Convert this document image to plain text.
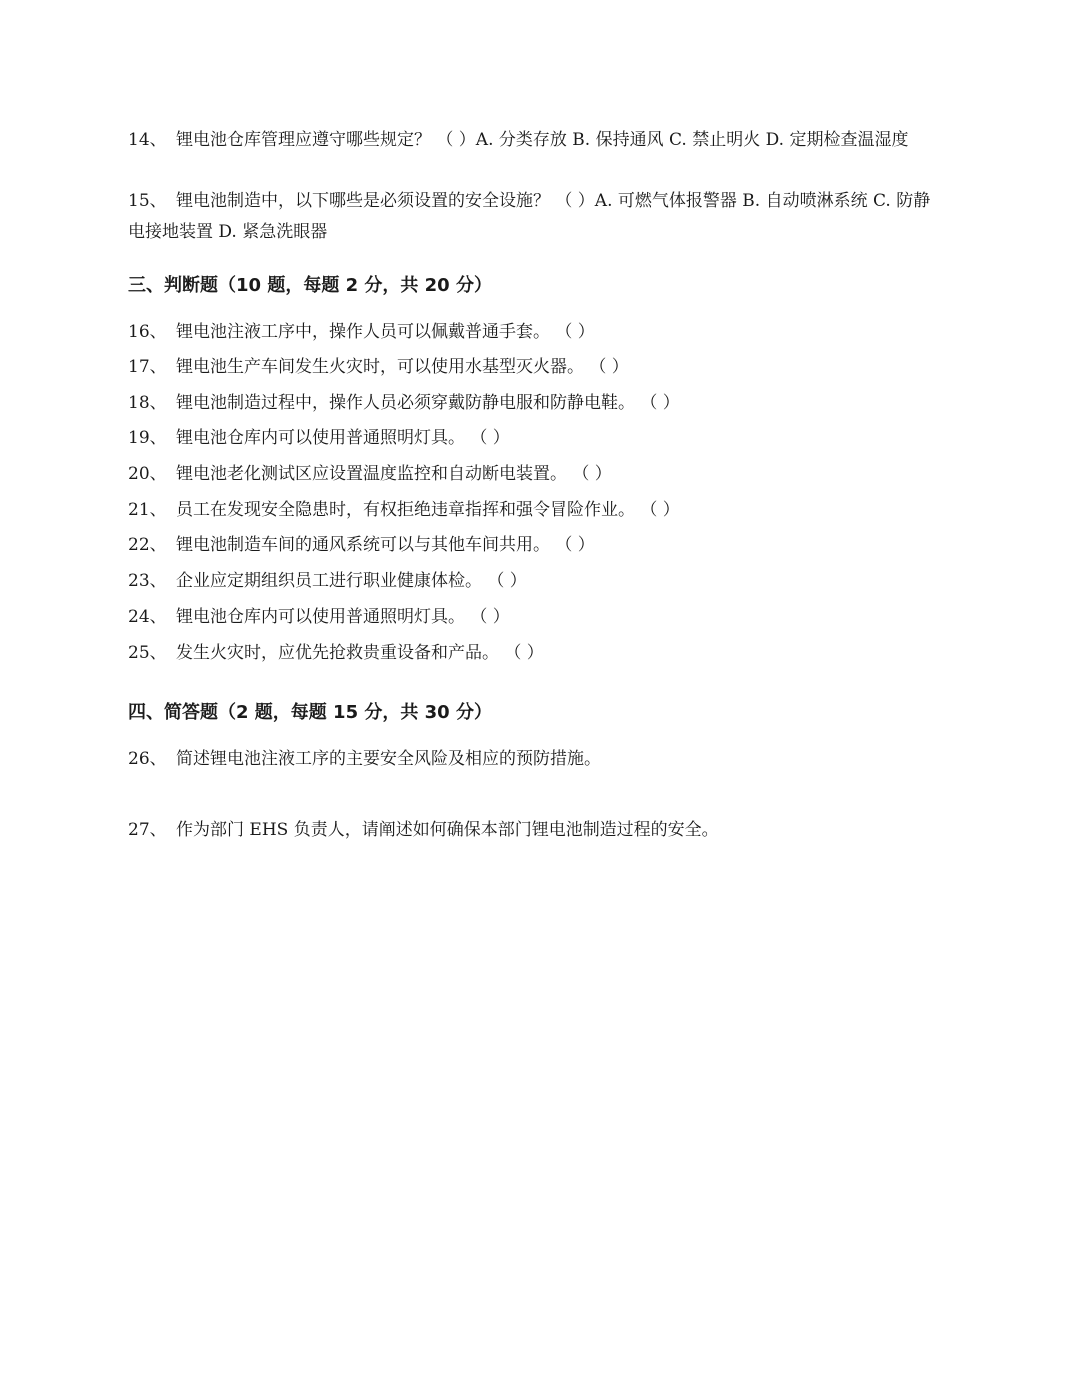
14、 锂电池仓库管理应遵守哪些规定？ （ ）A. 分类存放 B. 保持通风 C. 禁止明火 D. 定期检查温湿度
15、 锂电池制造中，以下哪些是必须设置的安全设施？ （ ）A. 可燃气体报警器 B. 自动喷淋系统 C. 防静电接地装置 D. 紧急洗眼器
三、判断题（10 题，每题 2 分，共 20 分）
16、 锂电池注液工序中，操作人员可以佩戴普通手套。 （ ）
17、 锂电池生产车间发生火灾时，可以使用水基型灭火器。 （ ）
18、 锂电池制造过程中，操作人员必须穿戴防静电服和防静电鞋。 （ ）
19、 锂电池仓库内可以使用普通照明灯具。 （ ）
20、 锂电池老化测试区应设置温度监控和自动断电装置。 （ ）
21、 员工在发现安全隐患时，有权拒绝违章指挥和强令冒险作业。 （ ）
22、 锂电池制造车间的通风系统可以与其他车间共用。 （ ）
23、 企业应定期组织员工进行职业健康体检。 （ ）
24、 锂电池仓库内可以使用普通照明灯具。 （ ）
25、 发生火灾时，应优先抢救贵重设备和产品。 （ ）
四、简答题（2 题，每题 15 分，共 30 分）
26、 简述锂电池注液工序的主要安全风险及相应的预防措施。
27、 作为部门 EHS 负责人，请阐述如何确保本部门锂电池制造过程的安全。
